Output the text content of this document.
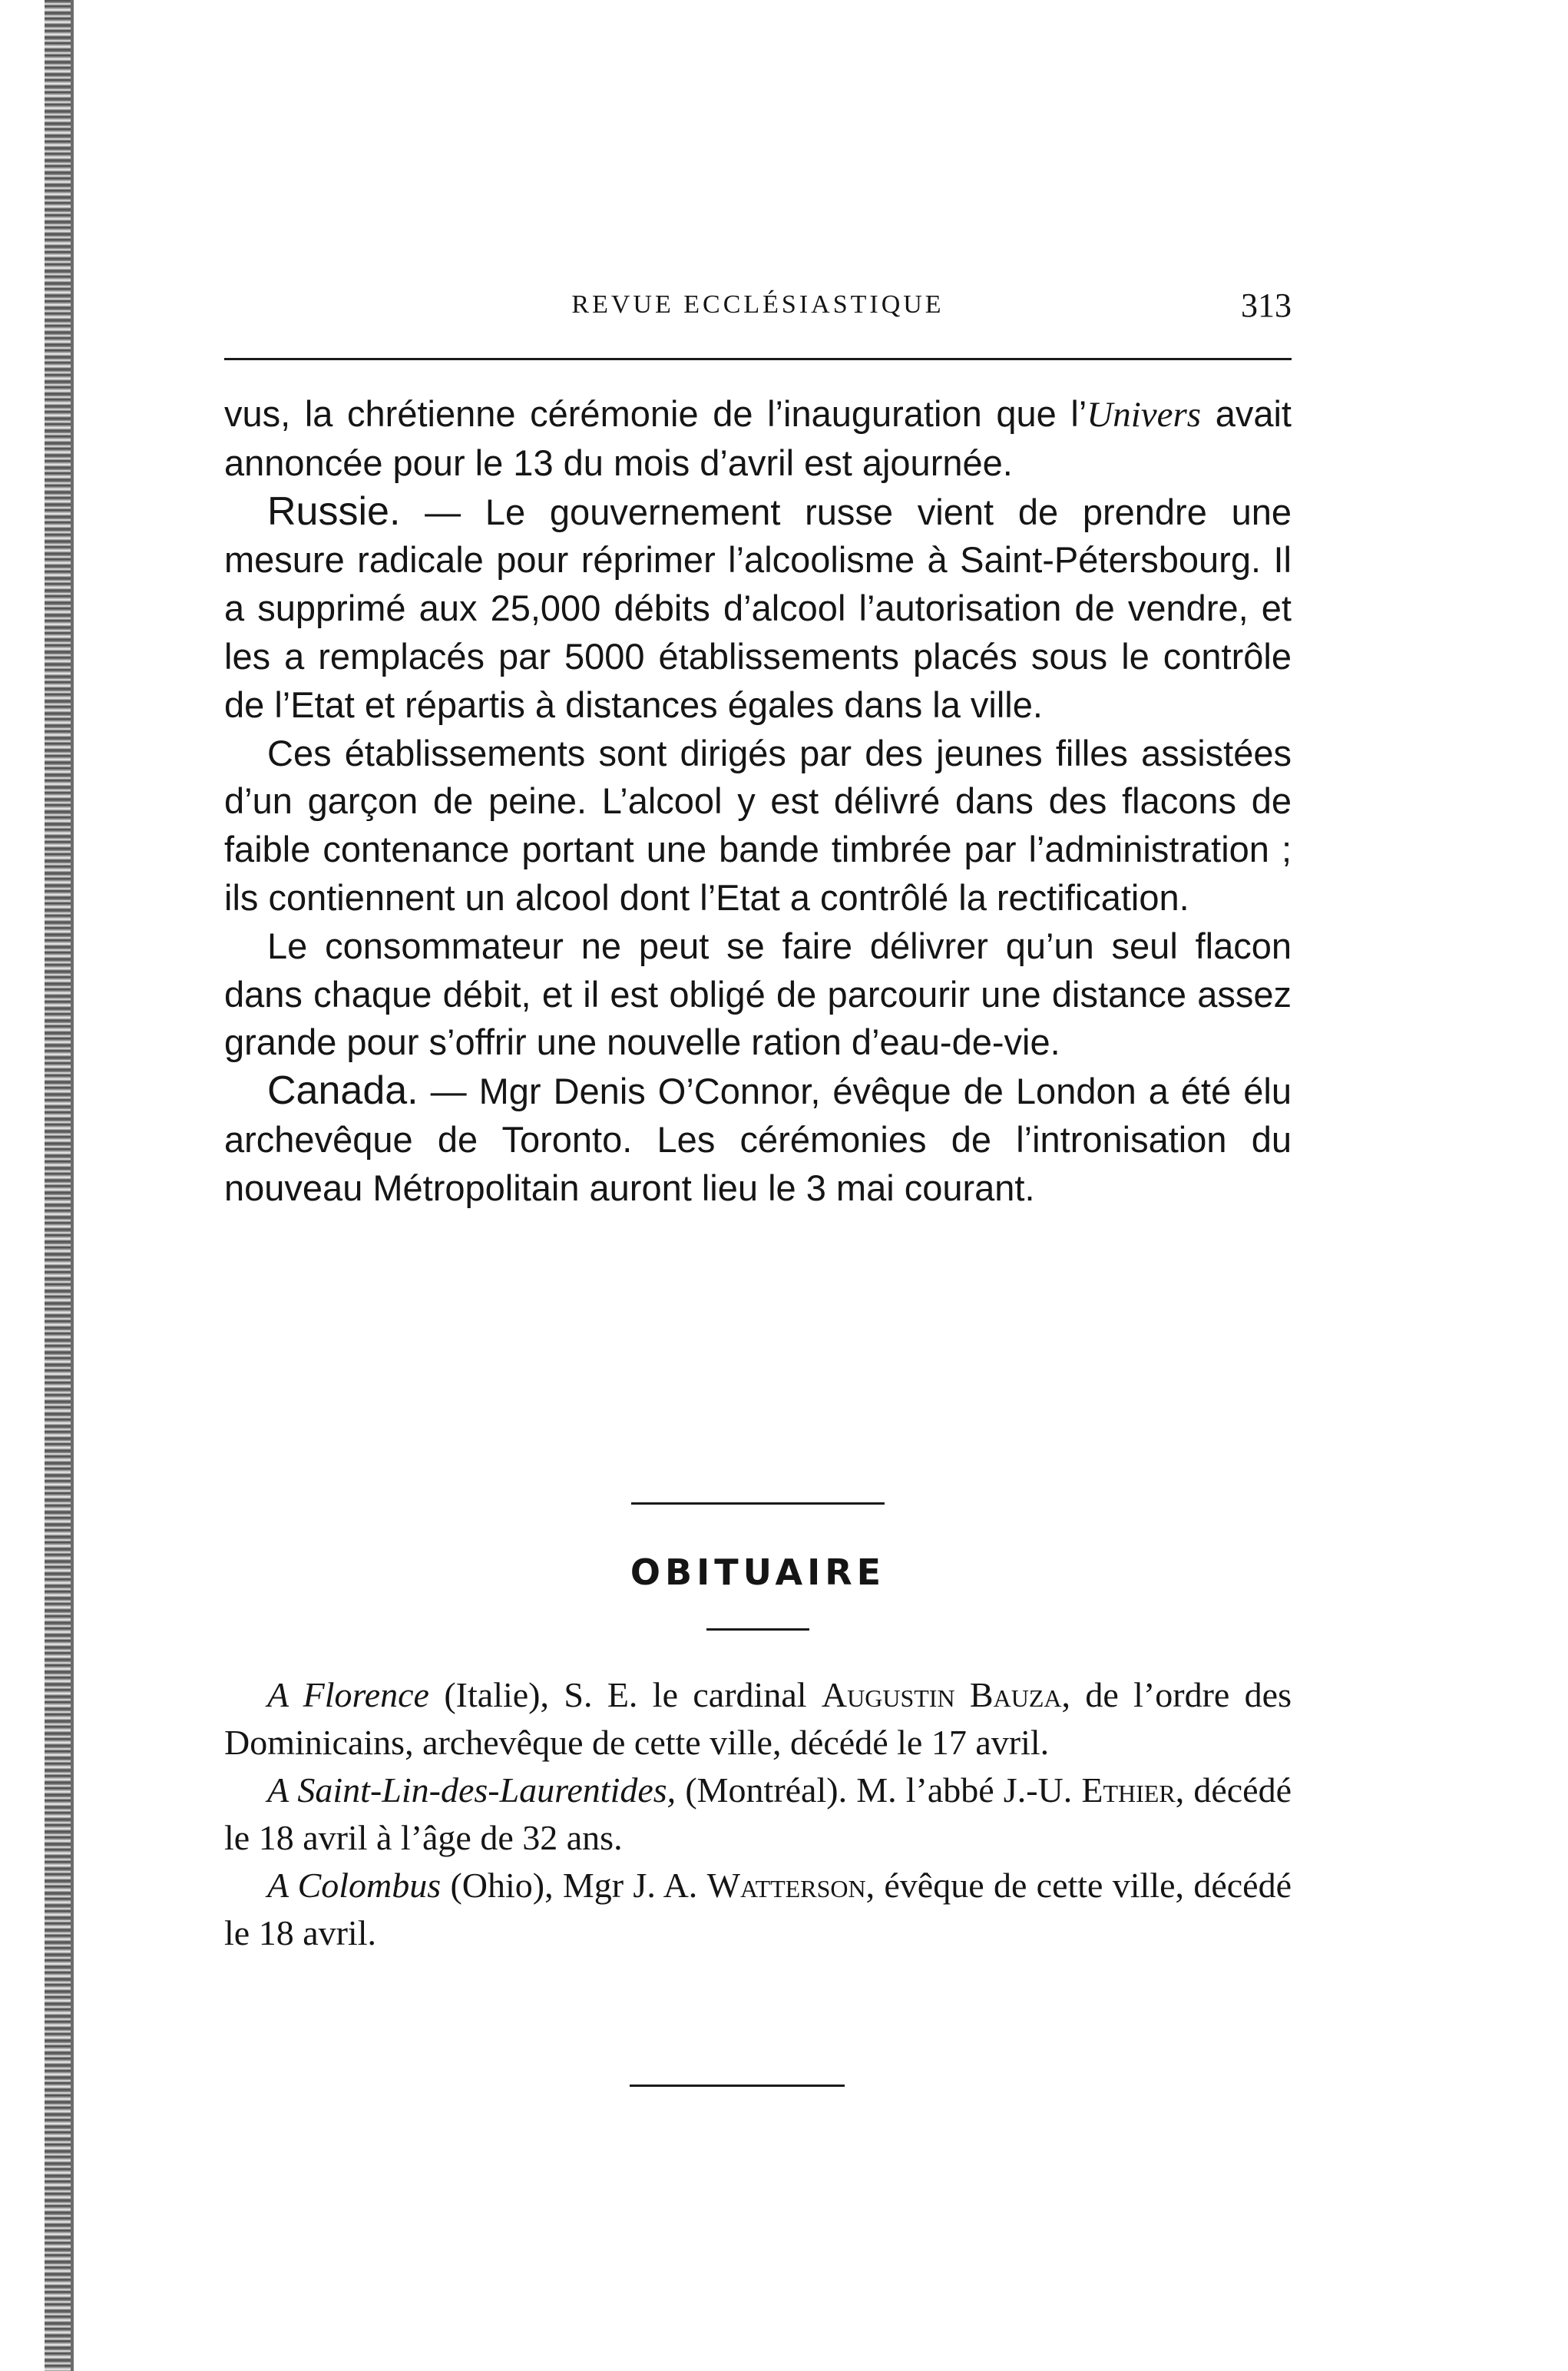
REVUE ECCLÉSIASTIQUE	313

vus, la chrétienne cérémonie de l’inauguration que l’Univers avait annoncée pour le 13 du mois d’avril est ajournée.

Russie. — Le gouvernement russe vient de prendre une mesure radicale pour réprimer l’alcoolisme à Saint-Pétersbourg. Il a supprimé aux 25,000 débits d’alcool l’autorisation de vendre, et les a remplacés par 5000 établissements placés sous le contrôle de l’Etat et répartis à distances égales dans la ville.

Ces établissements sont dirigés par des jeunes filles assistées d’un garçon de peine. L’alcool y est délivré dans des flacons de faible contenance portant une bande timbrée par l’administration ; ils contiennent un alcool dont l’Etat a contrôlé la rectification.

Le consommateur ne peut se faire délivrer qu’un seul flacon dans chaque débit, et il est obligé de parcourir une distance assez grande pour s’offrir une nouvelle ration d’eau-de-vie.

Canada. — Mgr Denis O’Connor, évêque de London a été élu archevêque de Toronto. Les cérémonies de l’intronisation du nouveau Métropolitain auront lieu le 3 mai courant.

OBITUAIRE

A Florence (Italie), S. E. le cardinal Augustin Bauza, de l’ordre des Dominicains, archevêque de cette ville, décédé le 17 avril.

A Saint-Lin-des-Laurentides, (Montréal). M. l’abbé J.-U. Ethier, décédé le 18 avril à l’âge de 32 ans.

A Colombus (Ohio), Mgr J. A. Watterson, évêque de cette ville, décédé le 18 avril.
